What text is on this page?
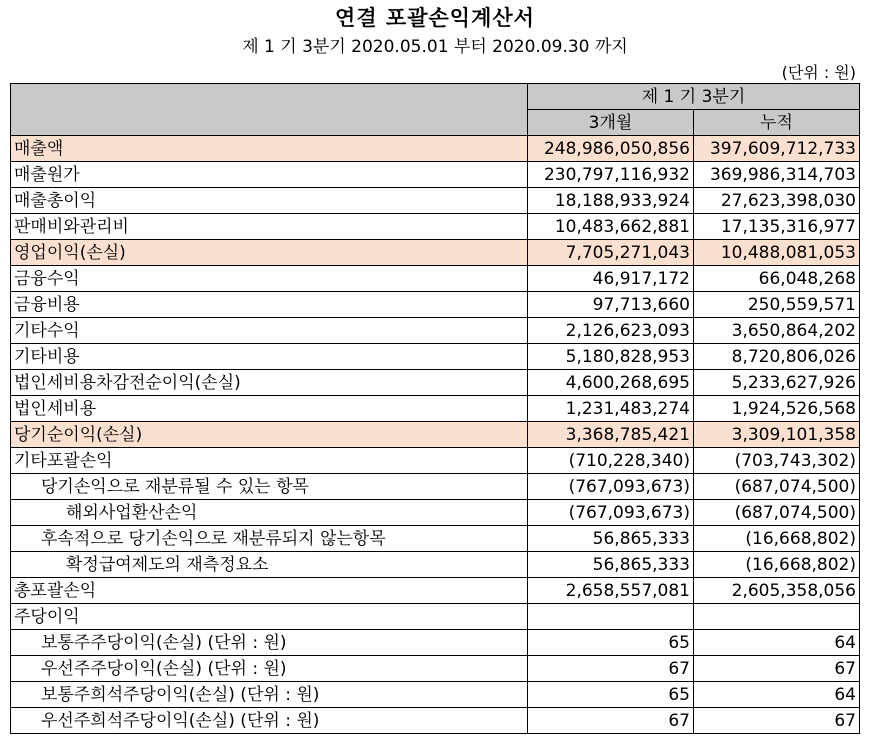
연결 포괄손익계산서
제 1 기 3분기 2020.05.01 부터 2020.09.30 까지
(단위 : 원)
	제 1 기 3분기	
	3개월	누적
매출액	248,986,050,856	397,609,712,733
매출원가	230,797,116,932	369,986,314,703
매출총이익	18,188,933,924	27,623,398,030
판매비와관리비	10,483,662,881	17,135,316,977
영업이익(손실)	7,705,271,043	10,488,081,053
금융수익	46,917,172	66,048,268
금융비용	97,713,660	250,559,571
기타수익	2,126,623,093	3,650,864,202
기타비용	5,180,828,953	8,720,806,026
법인세비용차감전순이익(손실)	4,600,268,695	5,233,627,926
법인세비용	1,231,483,274	1,924,526,568
당기순이익(손실)	3,368,785,421	3,309,101,358
기타포괄손익	(710,228,340)	(703,743,302)
당기손익으로 재분류될 수 있는 항목	(767,093,673)	(687,074,500)
해외사업환산손익	(767,093,673)	(687,074,500)
후속적으로 당기손익으로 재분류되지 않는항목	56,865,333	(16,668,802)
확정급여제도의 재측정요소	56,865,333	(16,668,802)
총포괄손익	2,658,557,081	2,605,358,056
주당이익		
보통주주당이익(손실) (단위 : 원)	65	64
우선주주당이익(손실) (단위 : 원)	67	67
보통주희석주당이익(손실) (단위 : 원)	65	64
우선주희석주당이익(손실) (단위 : 원)	67	67
